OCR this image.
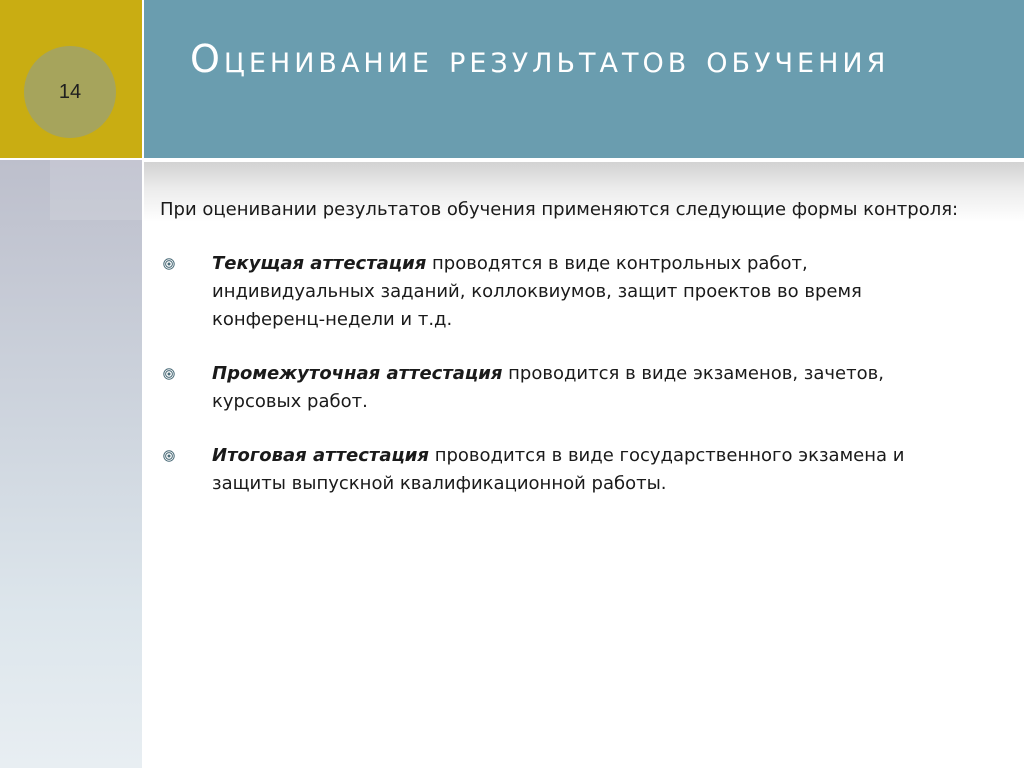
14
Оценивание результатов обучения

При оценивании результатов обучения применяются следующие формы контроля:

Текущая аттестация проводятся в виде контрольных работ, индивидуальных заданий, коллоквиумов, защит проектов во время конференц-недели и т.д.
Промежуточная аттестация проводится в виде экзаменов, зачетов, курсовых работ.
Итоговая аттестация проводится в виде государственного экзамена и защиты выпускной квалификационной работы.
